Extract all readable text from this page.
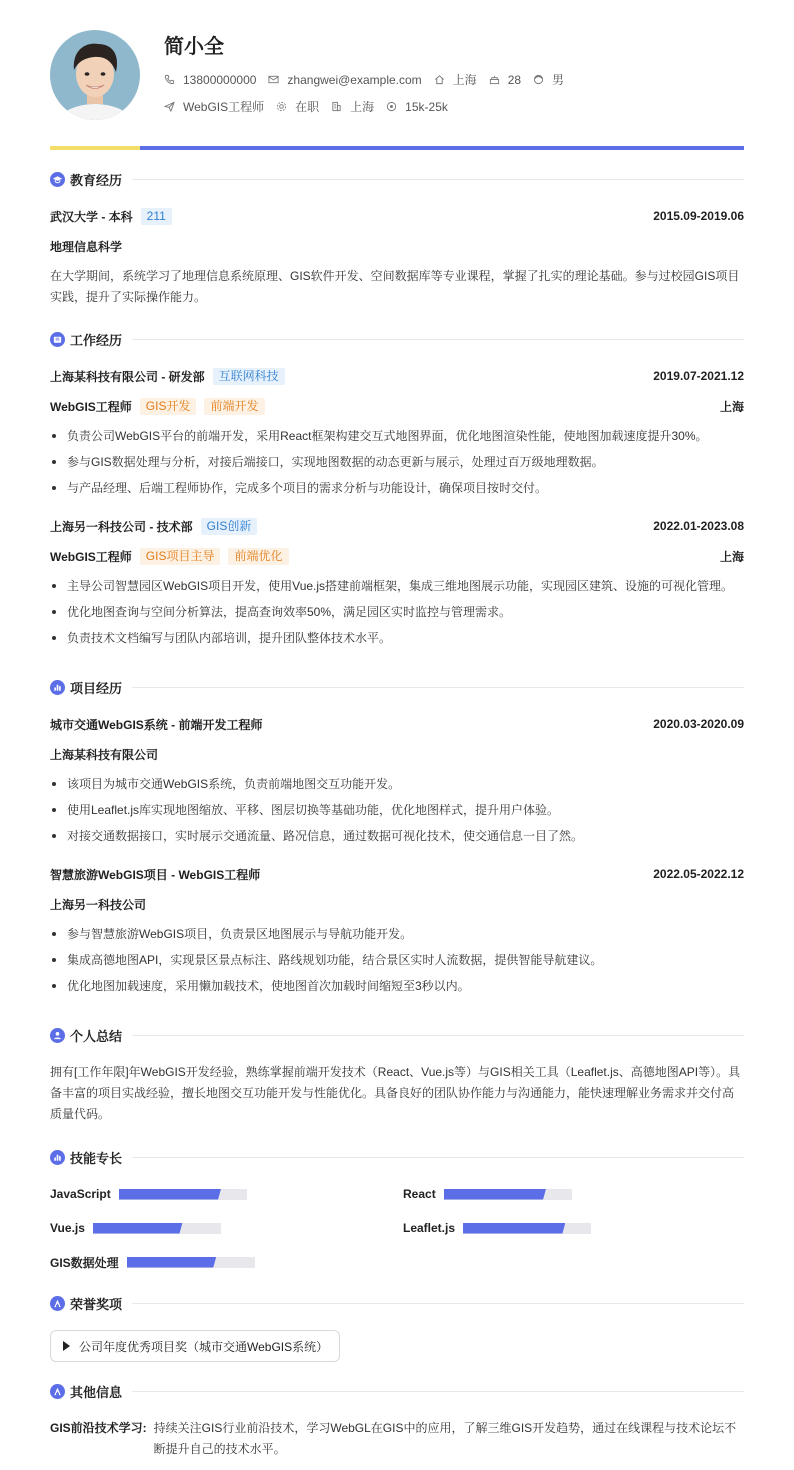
简小全
13800000000	zhangwei@example.com	上海	28	男
WebGIS工程师	在职	上海	15k-25k
教育经历
武汉大学 - 本科	211	2015.09-2019.06
地理信息科学
在大学期间，系统学习了地理信息系统原理、GIS软件开发、空间数据库等专业课程，掌握了扎实的理论基础。参与过校园GIS项目实践，提升了实际操作能力。
工作经历
上海某科技有限公司 - 研发部	互联网科技	2019.07-2021.12
WebGIS工程师	GIS开发	前端开发	上海
负责公司WebGIS平台的前端开发，采用React框架构建交互式地图界面，优化地图渲染性能，使地图加载速度提升30%。
参与GIS数据处理与分析，对接后端接口，实现地图数据的动态更新与展示，处理过百万级地理数据。
与产品经理、后端工程师协作，完成多个项目的需求分析与功能设计，确保项目按时交付。
上海另一科技公司 - 技术部	GIS创新	2022.01-2023.08
WebGIS工程师	GIS项目主导	前端优化	上海
主导公司智慧园区WebGIS项目开发，使用Vue.js搭建前端框架，集成三维地图展示功能，实现园区建筑、设施的可视化管理。
优化地图查询与空间分析算法，提高查询效率50%，满足园区实时监控与管理需求。
负责技术文档编写与团队内部培训，提升团队整体技术水平。
项目经历
城市交通WebGIS系统 - 前端开发工程师	2020.03-2020.09
上海某科技有限公司
该项目为城市交通WebGIS系统，负责前端地图交互功能开发。
使用Leaflet.js库实现地图缩放、平移、图层切换等基础功能，优化地图样式，提升用户体验。
对接交通数据接口，实时展示交通流量、路况信息，通过数据可视化技术，使交通信息一目了然。
智慧旅游WebGIS项目 - WebGIS工程师	2022.05-2022.12
上海另一科技公司
参与智慧旅游WebGIS项目，负责景区地图展示与导航功能开发。
集成高德地图API，实现景区景点标注、路线规划功能，结合景区实时人流数据，提供智能导航建议。
优化地图加载速度，采用懒加载技术，使地图首次加载时间缩短至3秒以内。
个人总结
拥有[工作年限]年WebGIS开发经验，熟练掌握前端开发技术（React、Vue.js等）与GIS相关工具（Leaflet.js、高德地图API等）。具备丰富的项目实战经验，擅长地图交互功能开发与性能优化。具备良好的团队协作能力与沟通能力，能快速理解业务需求并交付高质量代码。
技能专长
JavaScript	React
Vue.js	Leaflet.js
GIS数据处理
荣誉奖项
公司年度优秀项目奖（城市交通WebGIS系统）
其他信息
GIS前沿技术学习: 持续关注GIS行业前沿技术，学习WebGL在GIS中的应用，了解三维GIS开发趋势，通过在线课程与技术论坛不断提升自己的技术水平。
